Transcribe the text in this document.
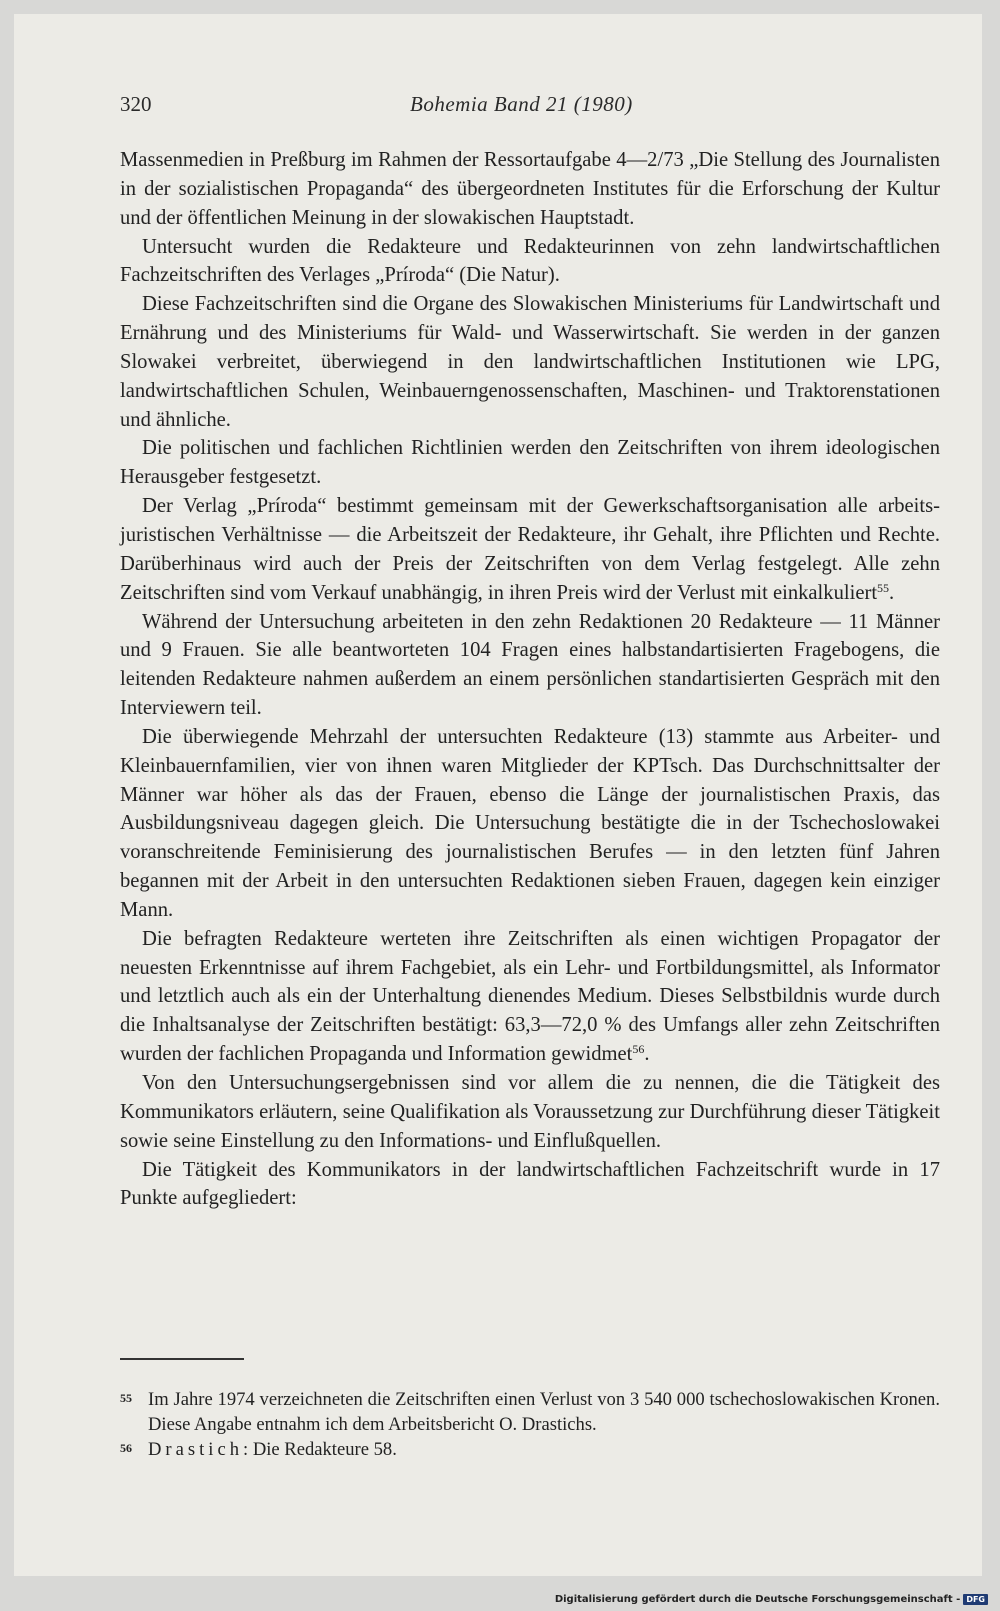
320	Bohemia Band 21 (1980)

Massenmedien in Preßburg im Rahmen der Ressortaufgabe 4—2/73 „Die Stellung des Journalisten in der sozialistischen Propaganda“ des übergeordneten Institutes für die Erforschung der Kultur und der öffentlichen Meinung in der slowakischen Hauptstadt.

Untersucht wurden die Redakteure und Redakteurinnen von zehn landwirtschaftlichen Fachzeitschriften des Verlages „Príroda“ (Die Natur).

Diese Fachzeitschriften sind die Organe des Slowakischen Ministeriums für Landwirtschaft und Ernährung und des Ministeriums für Wald- und Wasserwirtschaft. Sie werden in der ganzen Slowakei verbreitet, überwiegend in den landwirtschaftlichen Institutionen wie LPG, landwirtschaftlichen Schulen, Weinbauerngenossenschaften, Maschinen- und Traktorenstationen und ähnliche.

Die politischen und fachlichen Richtlinien werden den Zeitschriften von ihrem ideologischen Herausgeber festgesetzt.

Der Verlag „Príroda“ bestimmt gemeinsam mit der Gewerkschaftsorganisation alle arbeits-juristischen Verhältnisse — die Arbeitszeit der Redakteure, ihr Gehalt, ihre Pflichten und Rechte. Darüberhinaus wird auch der Preis der Zeitschriften von dem Verlag festgelegt. Alle zehn Zeitschriften sind vom Verkauf unabhängig, in ihren Preis wird der Verlust mit einkalkuliert$^{55}$.

Während der Untersuchung arbeiteten in den zehn Redaktionen 20 Redakteure — 11 Männer und 9 Frauen. Sie alle beantworteten 104 Fragen eines halbstandartisierten Fragebogens, die leitenden Redakteure nahmen außerdem an einem persönlichen standartisierten Gespräch mit den Interviewern teil.

Die überwiegende Mehrzahl der untersuchten Redakteure (13) stammte aus Arbeiter- und Kleinbauernfamilien, vier von ihnen waren Mitglieder der KPTsch. Das Durchschnittsalter der Männer war höher als das der Frauen, ebenso die Länge der journalistischen Praxis, das Ausbildungsniveau dagegen gleich. Die Untersuchung bestätigte die in der Tschechoslowakei voranschreitende Feminisierung des journalistischen Berufes — in den letzten fünf Jahren begannen mit der Arbeit in den untersuchten Redaktionen sieben Frauen, dagegen kein einziger Mann.

Die befragten Redakteure werteten ihre Zeitschriften als einen wichtigen Propagator der neuesten Erkenntnisse auf ihrem Fachgebiet, als ein Lehr- und Fortbildungsmittel, als Informator und letztlich auch als ein der Unterhaltung dienendes Medium. Dieses Selbstbildnis wurde durch die Inhaltsanalyse der Zeitschriften bestätigt: 63,3—72,0 % des Umfangs aller zehn Zeitschriften wurden der fachlichen Propaganda und Information gewidmet$^{56}$.

Von den Untersuchungsergebnissen sind vor allem die zu nennen, die die Tätigkeit des Kommunikators erläutern, seine Qualifikation als Voraussetzung zur Durchführung dieser Tätigkeit sowie seine Einstellung zu den Informations- und Einflußquellen.

Die Tätigkeit des Kommunikators in der landwirtschaftlichen Fachzeitschrift wurde in 17 Punkte aufgegliedert:

55 Im Jahre 1974 verzeichneten die Zeitschriften einen Verlust von 3 540 000 tschechoslowakischen Kronen. Diese Angabe entnahm ich dem Arbeitsbericht O. Drastichs.
56 Drastich: Die Redakteure 58.
Digitalisierung gefördert durch die Deutsche Forschungsgemeinschaft - DFG
